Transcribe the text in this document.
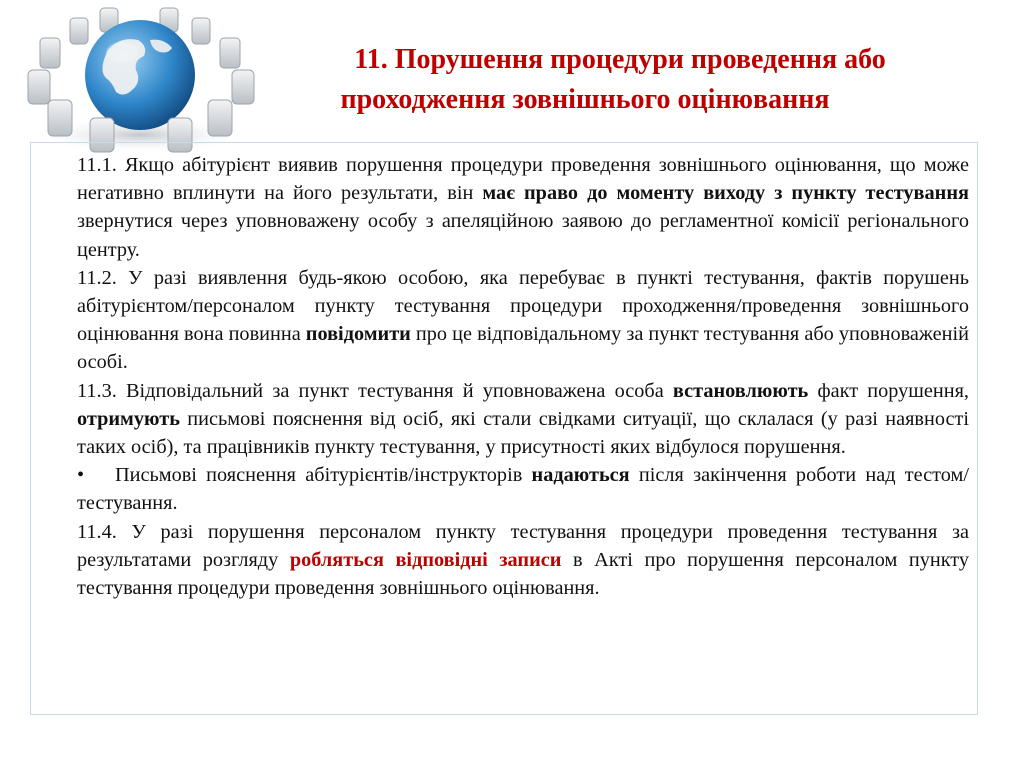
11. Порушення процедури проведення або
проходження зовнішнього оцінювання
11.1. Якщо абітурієнт виявив порушення процедури проведення зовнішнього оцінювання, що може негативно вплинути на його результати, він має право до моменту виходу з пункту тестування звернутися через уповноважену особу з апеляційною заявою до регламентної комісії регіонального центру.
11.2. У разі виявлення будь-якою особою, яка перебуває в пункті тестування, фактів порушень абітурієнтом/персоналом пункту тестування процедури проходження/проведення зовнішнього оцінювання вона повинна повідомити про це відповідальному за пункт тестування або уповноваженій особі.
11.3. Відповідальний за пункт тестування й уповноважена особа встановлюють факт порушення, отримують письмові пояснення від осіб, які стали свідками ситуації, що склалася (у разі наявності таких осіб), та працівників пункту тестування, у присутності яких відбулося порушення.
• Письмові пояснення абітурієнтів/інструкторів надаються після закінчення роботи над тестом/тестування.
11.4. У разі порушення персоналом пункту тестування процедури проведення тестування за результатами розгляду робляться відповідні записи в Акті про порушення персоналом пункту тестування процедури проведення зовнішнього оцінювання.
